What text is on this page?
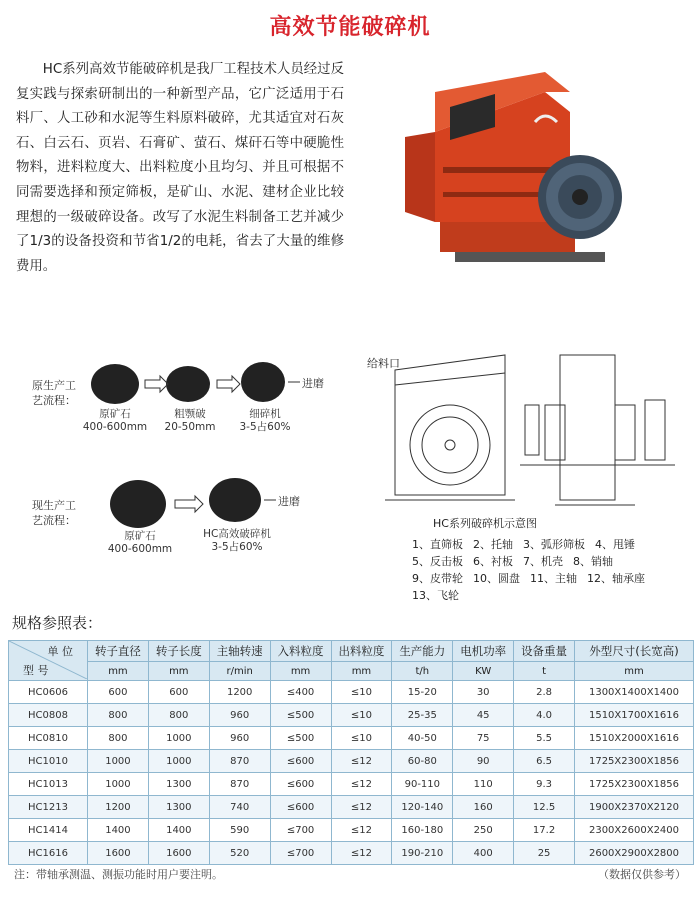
高效节能破碎机
HC系列高效节能破碎机是我厂工程技术人员经过反复实践与探索研制出的一种新型产品，它广泛适用于石料厂、人工砂和水泥等生料原料破碎，尤其适宜对石灰石、白云石、页岩、石膏矿、萤石、煤矸石等中硬脆性物料，进料粒度大、出料粒度小且均匀、并且可根据不同需要选择和预定筛板，是矿山、水泥、建材企业比较理想的一级破碎设备。改写了水泥生料制备工艺并减少了1/3的设备投资和节省1/2的电耗，省去了大量的维修费用。
原生产工艺流程：
原矿石
400-600mm
粗颚破
20-50mm
细碎机
3-5占60%
进磨
现生产工艺流程：
原矿石
400-600mm
HC高效破碎机
3-5占60%
进磨
给料口
HC系列破碎机示意图
1、直筛板 2、托轴 3、弧形筛板 4、甩锤
5、反击板 6、衬板 7、机壳 8、销轴
9、皮带轮 10、圆盘 11、主轴 12、轴承座
13、飞轮
规格参照表：
单 位
型 号	转子直径	转子长度	主轴转速	入料粒度	出料粒度	生产能力	电机功率	设备重量	外型尺寸(长宽高)
	mm	mm	r/min	mm	mm	t/h	KW	t	mm
HC0606	600	600	1200	≤400	≤10	15-20	30	2.8	1300X1400X1400
HC0808	800	800	960	≤500	≤10	25-35	45	4.0	1510X1700X1616
HC0810	800	1000	960	≤500	≤10	40-50	75	5.5	1510X2000X1616
HC1010	1000	1000	870	≤600	≤12	60-80	90	6.5	1725X2300X1856
HC1013	1000	1300	870	≤600	≤12	90-110	110	9.3	1725X2300X1856
HC1213	1200	1300	740	≤600	≤12	120-140	160	12.5	1900X2370X2120
HC1414	1400	1400	590	≤700	≤12	160-180	250	17.2	2300X2600X2400
HC1616	1600	1600	520	≤700	≤12	190-210	400	25	2600X2900X2800
注：带轴承测温、测振功能时用户要注明。	（数据仅供参考）
